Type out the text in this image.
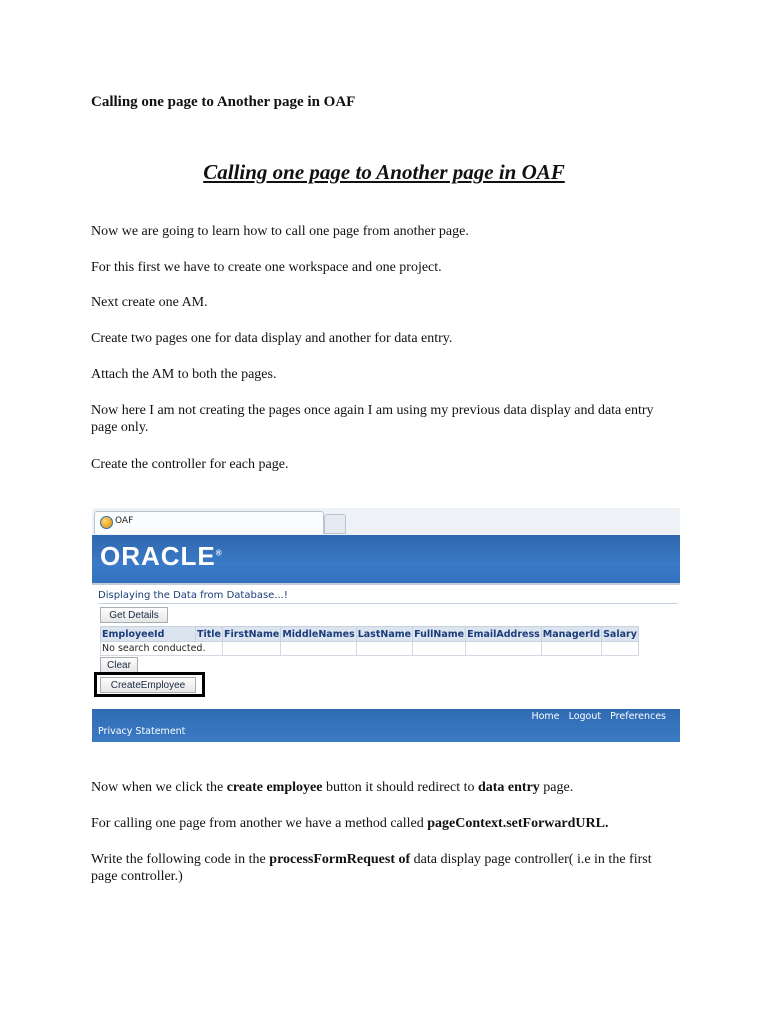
Calling one page to Another page in OAF
Calling one page to Another page in OAF
Now we are going to learn how to call one page from another page.
For this first we have to create one workspace and one project.
Next create one AM.
Create two pages one for data display and another for data entry.
Attach the AM to both the pages.
Now here I am not creating the pages once again I am using my previous data display and data entry page only.
Create the controller for each page.
OAF
ORACLE®
Displaying the Data from Database...!
Get Details
EmployeeId	Title	FirstName	MiddleNames	LastName	FullName	EmailAddress	ManagerId	Salary
No search conducted.								
Clear
CreateEmployee
Home Logout Preferences
Privacy Statement
Now when we click the create employee button it should redirect to data entry page.
For calling one page from another we have a method called pageContext.setForwardURL.
Write the following code in the processFormRequest of data display page controller( i.e in the first page controller.)
